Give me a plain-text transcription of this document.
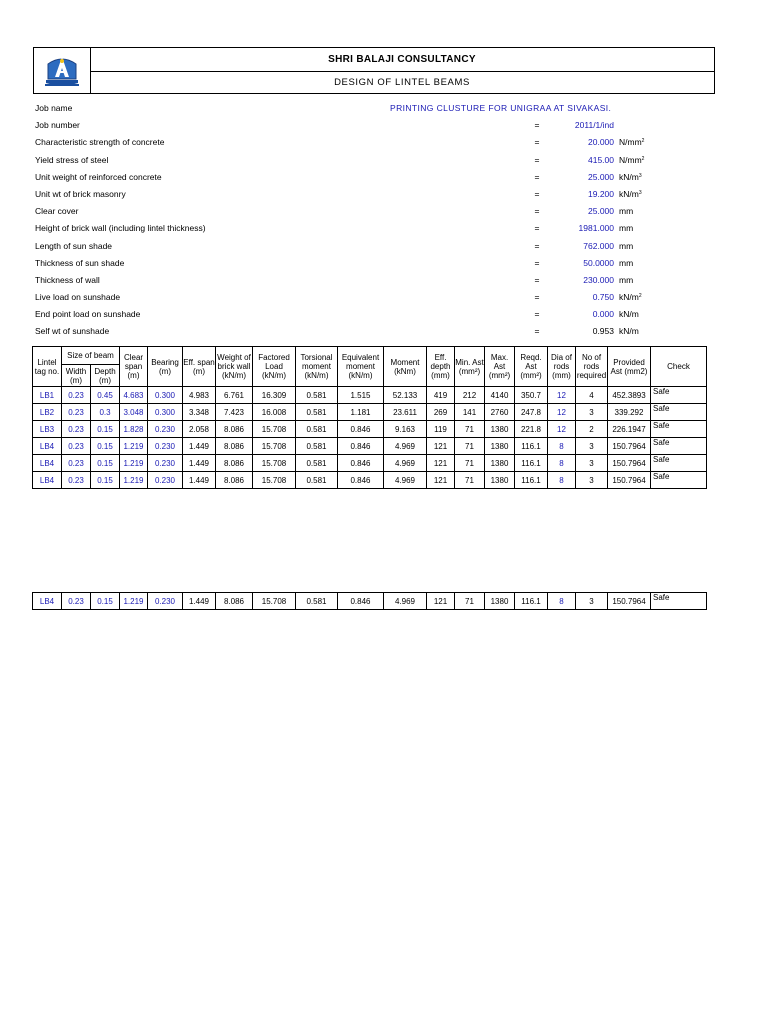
SHRI BALAJI CONSULTANCY
DESIGN OF LINTEL BEAMS
Job name	PRINTING CLUSTURE FOR UNIGRAA AT SIVAKASI.
Job number	=	2011/1/ind
Characteristic strength of concrete	=	20.000 $N/mm^2$
Yield stress of steel	=	415.00 $N/mm^2$
Unit weight of reinforced concrete	=	25.000 $kN/m^3$
Unit wt of brick masonry	=	19.200 $kN/m^3$
Clear cover	=	25.000 mm
Height of brick wall (including lintel thickness)	=	1981.000 mm
Length of sun shade	=	762.000 mm
Thickness of sun shade	=	50.0000 mm
Thickness of wall	=	230.000 mm
Live load on sunshade	=	0.750 $kN/m^2$
End point load on sunshade	=	0.000 kN/m
Self wt of sunshade	=	0.953 kN/m
Lintel tag no.	Size of beam		Clear span (m)	Bearing (m)	Eff. span (m)	Weight of brick wall (kN/m)	Factored Load (kN/m)	Torsional moment (kN/m)	Equivalent moment (kN/m)	Moment (kNm)	Eff. depth (mm)	Min. Ast (mm²)	Max. Ast (mm²)	Reqd. Ast (mm²)	Dia of rods (mm)	No of rods required	Provided Ast (mm2)	Check
	Width (m)	Depth (m)																
LB1	0.23	0.45	4.683	0.300	4.983	6.761	16.309	0.581	1.515	52.133	419	212	4140	350.7	12	4	452.3893	Safe
LB2	0.23	0.3	3.048	0.300	3.348	7.423	16.008	0.581	1.181	23.611	269	141	2760	247.8	12	3	339.292	Safe
LB3	0.23	0.15	1.828	0.230	2.058	8.086	15.708	0.581	0.846	9.163	119	71	1380	221.8	12	2	226.1947	Safe
LB4	0.23	0.15	1.219	0.230	1.449	8.086	15.708	0.581	0.846	4.969	121	71	1380	116.1	8	3	150.7964	Safe
LB4	0.23	0.15	1.219	0.230	1.449	8.086	15.708	0.581	0.846	4.969	121	71	1380	116.1	8	3	150.7964	Safe
LB4	0.23	0.15	1.219	0.230	1.449	8.086	15.708	0.581	0.846	4.969	121	71	1380	116.1	8	3	150.7964	Safe
LB4	0.23	0.15	1.219	0.230	1.449	8.086	15.708	0.581	0.846	4.969	121	71	1380	116.1	8	3	150.7964	Safe
